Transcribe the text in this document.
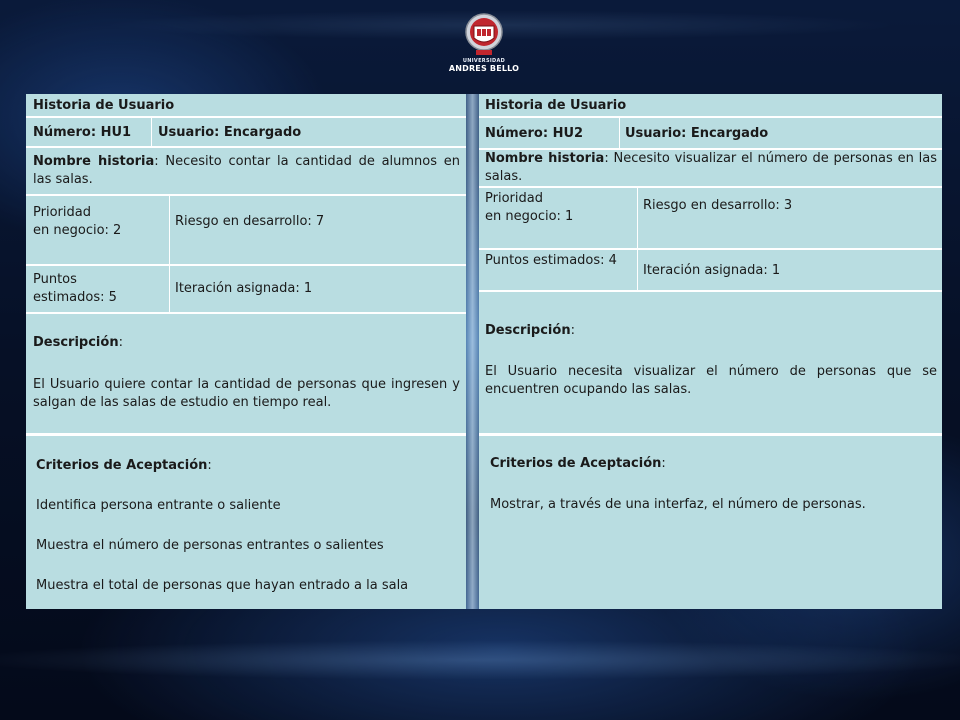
UNIVERSIDAD
ANDRES BELLO
Historia de Usuario
Número: HU1 Usuario: Encargado
Nombre historia: Necesito contar la cantidad de alumnos en las salas.
Prioridad
en negocio: 2
Riesgo en desarrollo: 7
Puntos
estimados: 5
Iteración asignada: 1
Descripción:
El Usuario quiere contar la cantidad de personas que ingresen y salgan de las salas de estudio en tiempo real.
Criterios de Aceptación:
Identifica persona entrante o saliente
Muestra el número de personas entrantes o salientes
Muestra el total de personas que hayan entrado a la sala
Historia de Usuario
Número: HU2	Usuario: Encargado
Nombre historia: Necesito visualizar el número de personas en las salas.
Prioridad
en negocio: 1
Riesgo en desarrollo: 3
Puntos estimados: 4
Iteración asignada: 1
Descripción:
El Usuario necesita visualizar el número de personas que se encuentren ocupando las salas.
Criterios de Aceptación:
Mostrar, a través de una interfaz, el número de personas.
